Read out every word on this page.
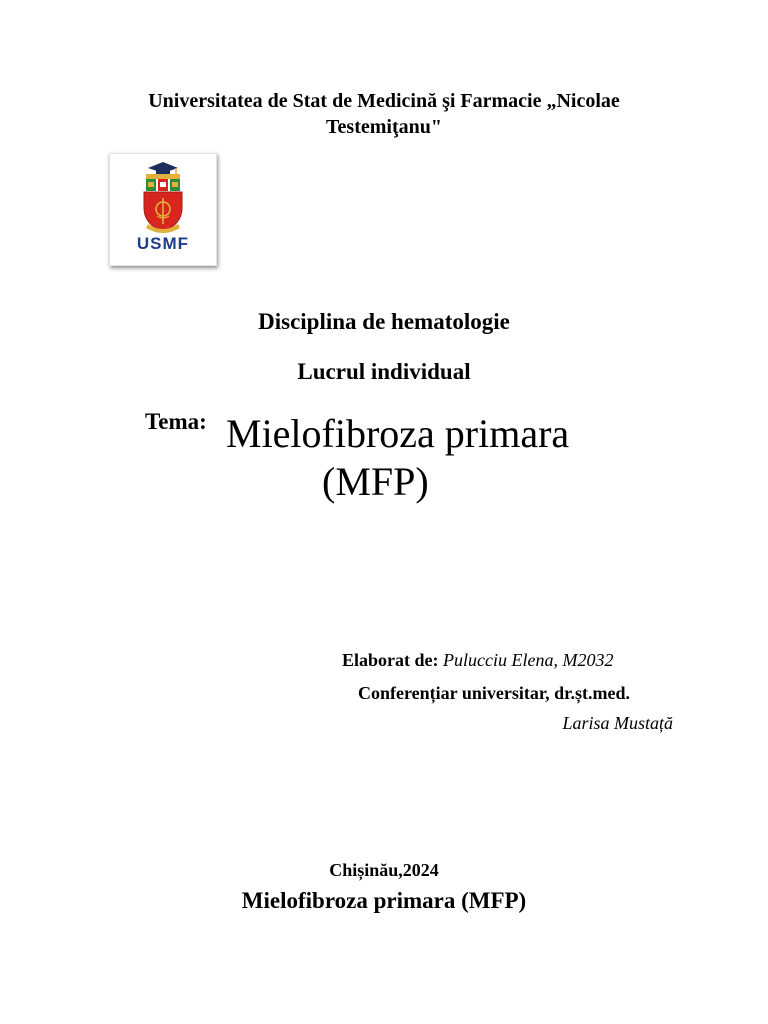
Universitatea de Stat de Medicină şi Farmacie „Nicolae
Testemiţanu"
USMF
Disciplina de hematologie
Lucrul individual
Tema: Mielofibroza primara
(MFP)
Elaborat de: Pulucciu Elena, M2032
Conferențiar universitar, dr.șt.med.
Larisa Mustață
Chișinău,2024
Mielofibroza primara (MFP)
